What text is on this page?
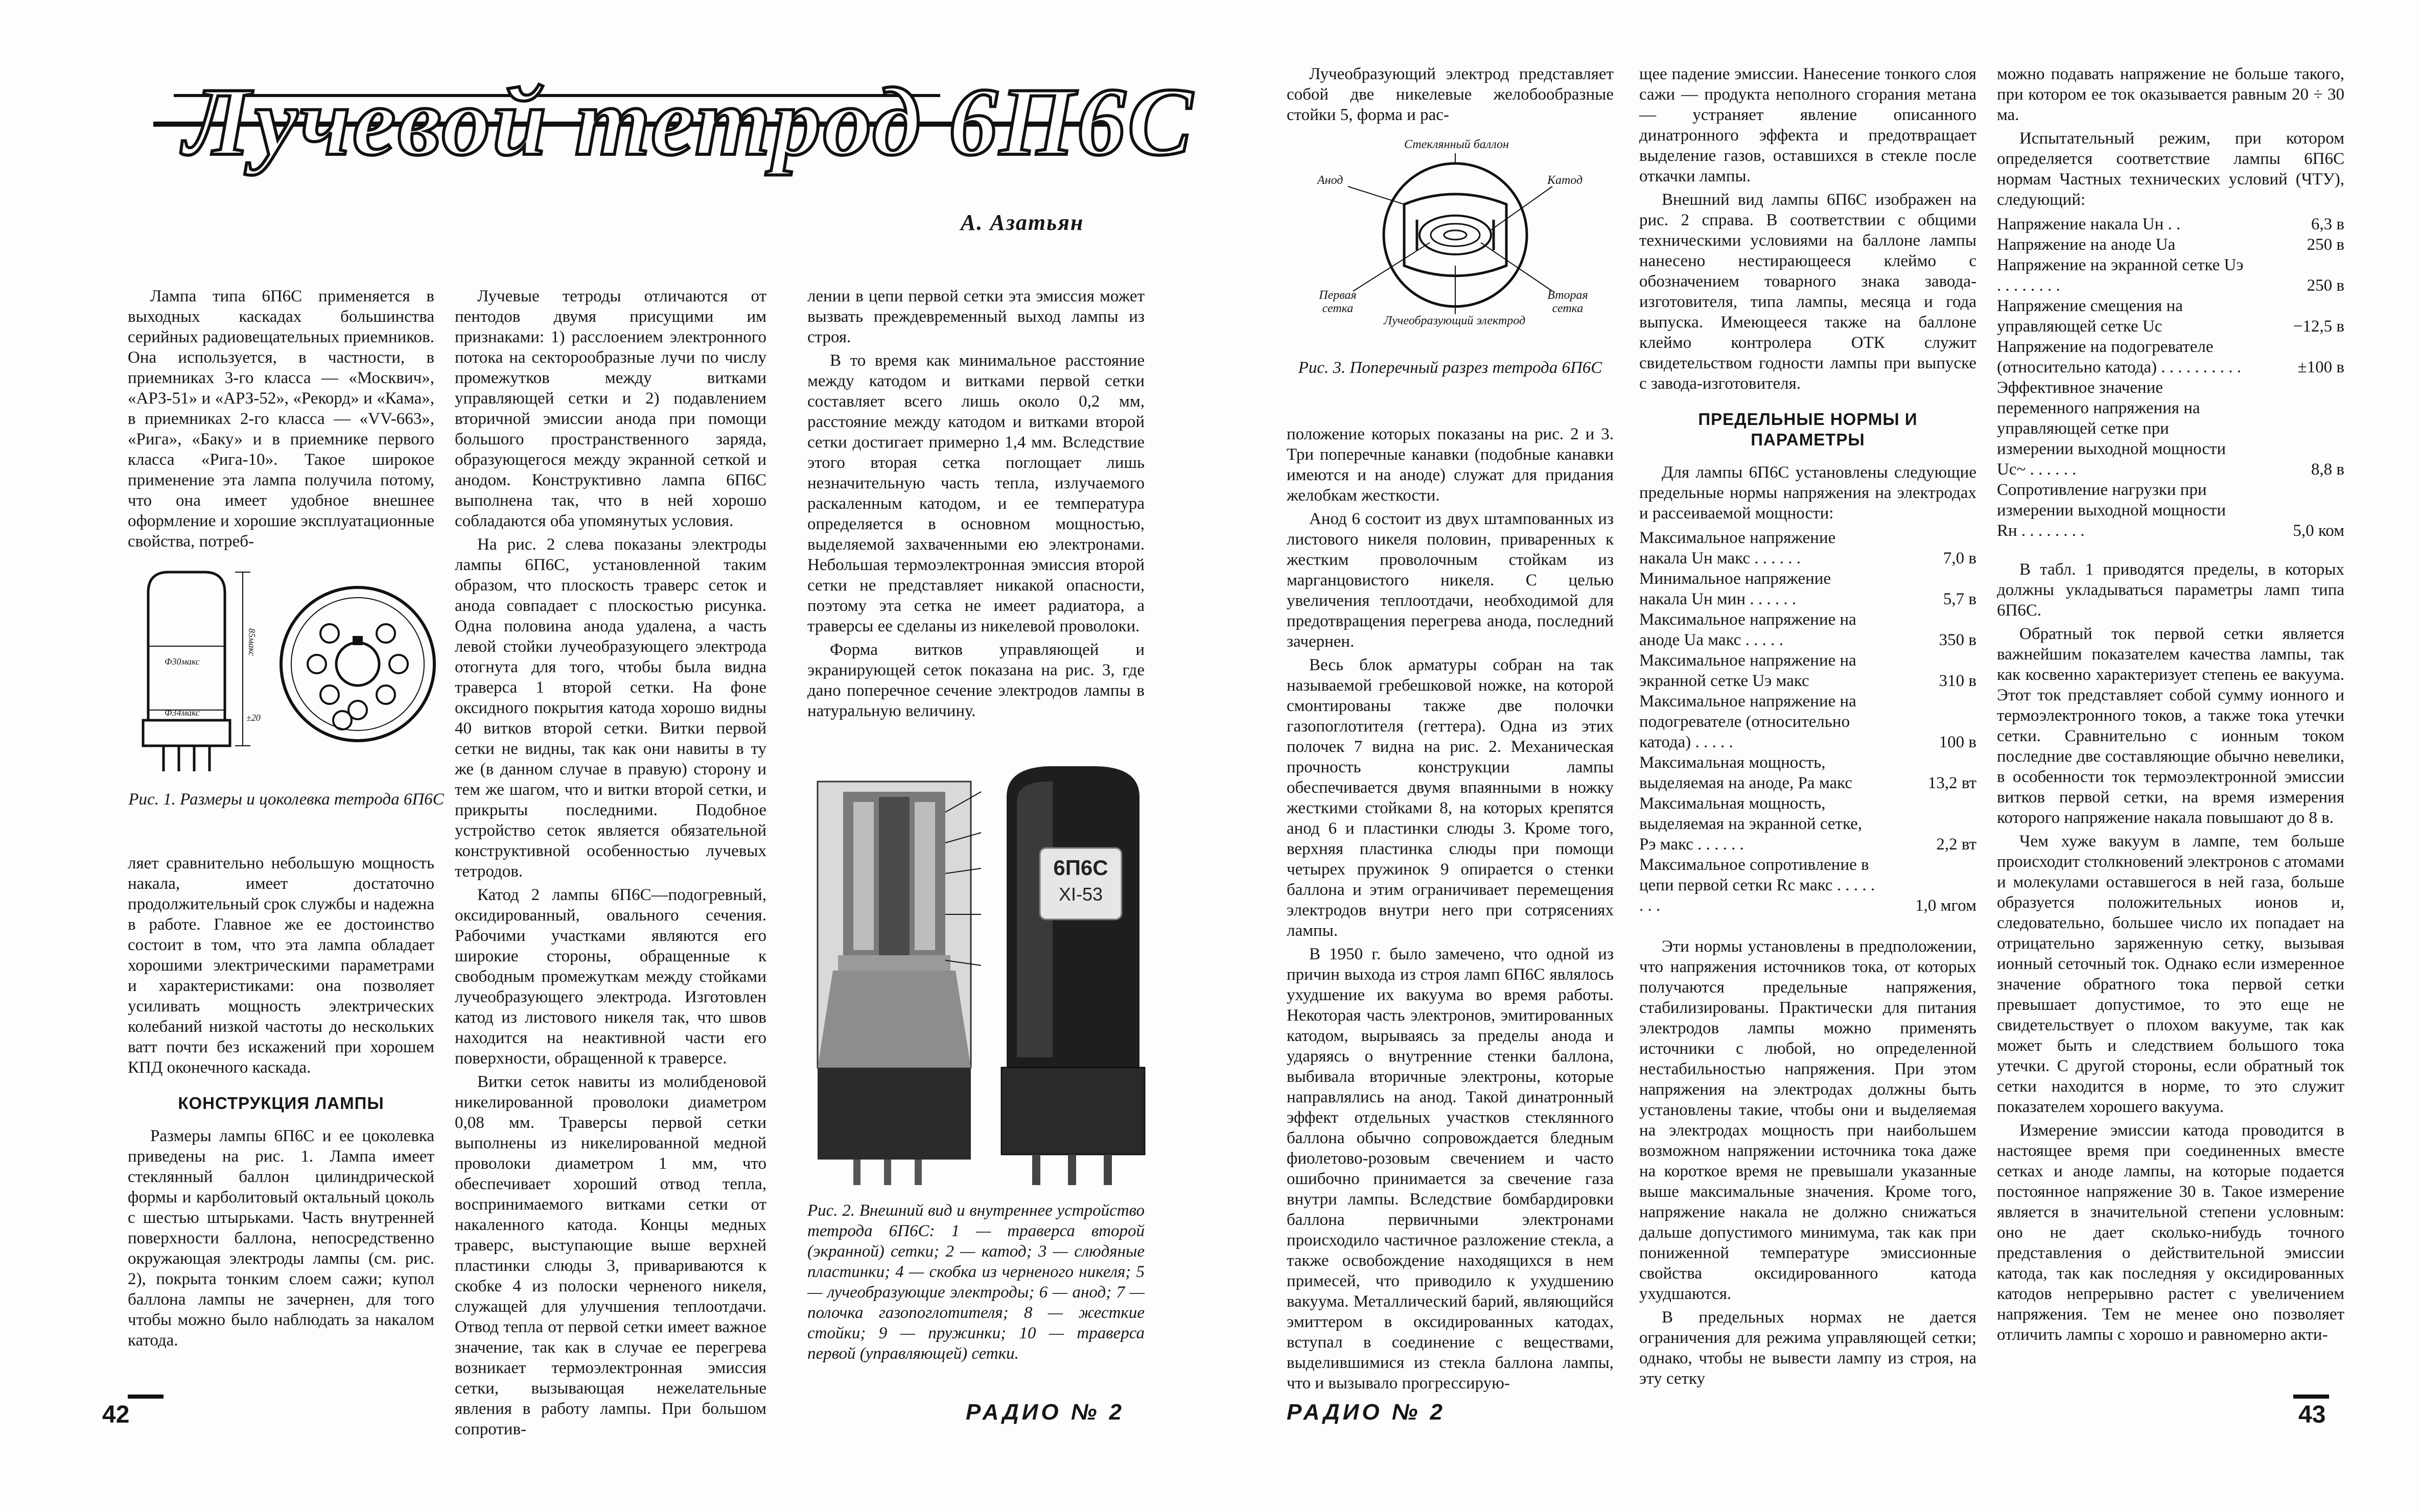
Лучевой тетрод 6П6С
А. Азатьян

Лампа типа 6П6С применяется в выходных каскадах большинства серийных радиовещательных приемников. Она используется, в частности, в приемниках 3-го класса — «Москвич», «АРЗ-51» и «АРЗ-52», «Рекорд» и «Кама», в приемниках 2-го класса — «VV-663», «Рига», «Баку» и в приемнике первого класса «Рига-10». Такое широкое применение эта лампа получила потому, что она имеет удобное внешнее оформление и хорошие эксплуатационные свойства, потреб-

Ф30макс
Ф34макс
85макс
±20
Рис. 1. Размеры и цоколевка тетрода 6П6С

ляет сравнительно небольшую мощность накала, имеет достаточно продолжительный срок службы и надежна в работе. Главное же ее достоинство состоит в том, что эта лампа обладает хорошими электрическими параметрами и характеристиками: она позволяет усиливать мощность электрических колебаний низкой частоты до нескольких ватт почти без искажений при хорошем КПД оконечного каскада.

КОНСТРУКЦИЯ ЛАМПЫ

Размеры лампы 6П6С и ее цоколевка приведены на рис. 1. Лампа имеет стеклянный баллон цилиндрической формы и карболитовый октальный цоколь с шестью штырьками. Часть внутренней поверхности баллона, непосредственно окружающая электроды лампы (см. рис. 2), покрыта тонким слоем сажи; купол баллона лампы не зачернен, для того чтобы можно было наблюдать за накалом катода.

Лучевые тетроды отличаются от пентодов двумя присущими им признаками: 1) расслоением электронного потока на секторообразные лучи по числу промежутков между витками управляющей сетки и 2) подавлением вторичной эмиссии анода при помощи большого пространственного заряда, образующегося между экранной сеткой и анодом. Конструктивно лампа 6П6С выполнена так, что в ней хорошо собладаются оба упомянутых условия.

На рис. 2 слева показаны электроды лампы 6П6С, установленной таким образом, что плоскость траверс сеток и анода совпадает с плоскостью рисунка. Одна половина анода удалена, а часть левой стойки лучеобразующего электрода отогнута для того, чтобы была видна траверса 1 второй сетки. На фоне оксидного покрытия катода хорошо видны 40 витков второй сетки. Витки первой сетки не видны, так как они навиты в ту же (в данном случае в правую) сторону и тем же шагом, что и витки второй сетки, и прикрыты последними. Подобное устройство сеток является обязательной конструктивной особенностью лучевых тетродов.

Катод 2 лампы 6П6С—подогревный, оксидированный, овального сечения. Рабочими участками являются его широкие стороны, обращенные к свободным промежуткам между стойками лучеобразующего электрода. Изготовлен катод из листового никеля так, что швов находится на неактивной части его поверхности, обращенной к траверсе.

Витки сеток навиты из молибденовой никелированной проволоки диаметром 0,08 мм. Траверсы первой сетки выполнены из никелированной медной проволоки диаметром 1 мм, что обеспечивает хороший отвод тепла, воспринимаемого витками сетки от накаленного катода. Концы медных траверс, выступающие выше верхней пластинки слюды 3, привариваются к скобке 4 из полоски черненого никеля, служащей для улучшения теплоотдачи. Отвод тепла от первой сетки имеет важное значение, так как в случае ее перегрева возникает термоэлектронная эмиссия сетки, вызывающая нежелательные явления в работу лампы. При большом сопротив-

лении в цепи первой сетки эта эмиссия может вызвать преждевременный выход лампы из строя.

В то время как минимальное расстояние между катодом и витками первой сетки составляет всего лишь около 0,2 мм, расстояние между катодом и витками второй сетки достигает примерно 1,4 мм. Вследствие этого вторая сетка поглощает лишь незначительную часть тепла, излучаемого раскаленным катодом, и ее температура определяется в основном мощностью, выделяемой захваченными ею электронами. Небольшая термоэлектронная эмиссия второй сетки не представляет никакой опасности, поэтому эта сетка не имеет радиатора, а траверсы ее сделаны из никелевой проволоки.

Форма витков управляющей и экранирующей сеток показана на рис. 3, где дано поперечное сечение электродов лампы в натуральную величину.

6П6С
XI-53
Рис. 2. Внешний вид и внутреннее устройство тетрода 6П6С: 1 — траверса второй (экранной) сетки; 2 — катод; 3 — слюдяные пластинки; 4 — скобка из черненого никеля; 5 — лучеобразующие электроды; 6 — анод; 7 — полочка газопоглотителя; 8 — жесткие стойки; 9 — пружинки; 10 — траверса первой (управляющей) сетки.
42	РАДИО № 2

Лучеобразующий электрод представляет собой две никелевые желобообразные стойки 5, форма и рас-

Стеклянный баллон
Анод	Катод
Первая сетка
Вторая сетка
Лучеобразующий электрод
Рис. 3. Поперечный разрез тетрода 6П6С

положение которых показаны на рис. 2 и 3. Три поперечные канавки (подобные канавки имеются и на аноде) служат для придания желобкам жесткости.

Анод 6 состоит из двух штампованных из листового никеля половин, приваренных к жестким проволочным стойкам из марганцовистого никеля. С целью увеличения теплоотдачи, необходимой для предотвращения перегрева анода, последний зачернен.

Весь блок арматуры собран на так называемой гребешковой ножке, на которой смонтированы также две полочки газопоглотителя (геттера). Одна из этих полочек 7 видна на рис. 2. Механическая прочность конструкции лампы обеспечивается двумя впаянными в ножку жесткими стойками 8, на которых крепятся анод 6 и пластинки слюды 3. Кроме того, верхняя пластинка слюды при помощи четырех пружинок 9 опирается о стенки баллона и этим ограничивает перемещения электродов внутри него при сотрясениях лампы.

В 1950 г. было замечено, что одной из причин выхода из строя ламп 6П6С являлось ухудшение их вакуума во время работы. Некоторая часть электронов, эмитированных катодом, вырываясь за пределы анода и ударяясь о внутренние стенки баллона, выбивала вторичные электроны, которые направлялись на анод. Такой динатронный эффект отдельных участков стеклянного баллона обычно сопровождается бледным фиолетово-розовым свечением и часто ошибочно принимается за свечение газа внутри лампы. Вследствие бомбардировки баллона первичными электронами происходило частичное разложение стекла, а также освобождение находящихся в нем примесей, что приводило к ухудшению вакуума. Металлический барий, являющийся эмиттером в оксидированных катодах, вступал в соединение с веществами, выделившимися из стекла баллона лампы, что и вызывало прогрессирую-

щее падение эмиссии. Нанесение тонкого слоя сажи — продукта неполного сгорания метана — устраняет явление описанного динатронного эффекта и предотвращает выделение газов, оставшихся в стекле после откачки лампы.

Внешний вид лампы 6П6С изображен на рис. 2 справа. В соответствии с общими техническими условиями на баллоне лампы нанесено нестирающееся клеймо с обозначением товарного знака завода-изготовителя, типа лампы, месяца и года выпуска. Имеющееся также на баллоне клеймо контролера ОТК служит свидетельством годности лампы при выпуске с завода-изготовителя.

ПРЕДЕЛЬНЫЕ НОРМЫ И ПАРАМЕТРЫ

Для лампы 6П6С установлены следующие предельные нормы напряжения на электродах и рассеиваемой мощности:

Максимальное напряжение накала Uн макс . . . . . .	7,0 в
Минимальное напряжение накала Uн мин . . . . . .	5,7 в
Максимальное напряжение на аноде Uа макс . . . . .	350 в
Максимальное напряжение на экранной сетке Uэ макс	310 в
Максимальное напряжение на подогревателе (относительно катода) . . . . .	100 в
Максимальная мощность, выделяемая на аноде, Pа макс	13,2 вт
Максимальная мощность, выделяемая на экранной сетке, Pэ макс . . . . . .	2,2 вт
Максимальное сопротивление в цепи первой сетки Rс макс . . . . . . . .	1,0 мгом

Эти нормы установлены в предположении, что напряжения источников тока, от которых получаются предельные напряжения, стабилизированы. Практически для питания электродов лампы можно применять источники с любой, но определенной нестабильностью напряжения. При этом напряжения на электродах должны быть установлены такие, чтобы они и выделяемая на электродах мощность при наибольшем возможном напряжении источника тока даже на короткое время не превышали указанные выше максимальные значения. Кроме того, напряжение накала не должно снижаться дальше допустимого минимума, так как при пониженной температуре эмиссионные свойства оксидированного катода ухудшаются.

В предельных нормах не дается ограничения для режима управляющей сетки; однако, чтобы не вывести лампу из строя, на эту сетку

можно подавать напряжение не больше такого, при котором ее ток оказывается равным 20 ÷ 30 ма.

Испытательный режим, при котором определяется соответствие лампы 6П6С нормам Частных технических условий (ЧТУ), следующий:

Напряжение накала Uн . .	6,3 в
Напряжение на аноде Uа	250 в
Напряжение на экранной сетке Uэ . . . . . . . .	250 в
Напряжение смещения на управляющей сетке Uс	−12,5 в
Напряжение на подогревателе (относительно катода) . . . . . . . . . .	±100 в
Эффективное значение переменного напряжения на управляющей сетке при измерении выходной мощности Uс~ . . . . . .	8,8 в
Сопротивление нагрузки при измерении выходной мощности Rн . . . . . . . .	5,0 ком

В табл. 1 приводятся пределы, в которых должны укладываться параметры ламп типа 6П6С.

Обратный ток первой сетки является важнейшим показателем качества лампы, так как косвенно характеризует степень ее вакуума. Этот ток представляет собой сумму ионного и термоэлектронного токов, а также тока утечки сетки. Сравнительно с ионным током последние две составляющие обычно невелики, в особенности ток термоэлектронной эмиссии витков первой сетки, на время измерения которого напряжение накала повышают до 8 в.

Чем хуже вакуум в лампе, тем больше происходит столкновений электронов с атомами и молекулами оставшегося в ней газа, больше образуется положительных ионов и, следовательно, большее число их попадает на отрицательно заряженную сетку, вызывая ионный сеточный ток. Однако если измеренное значение обратного тока первой сетки превышает допустимое, то это еще не свидетельствует о плохом вакууме, так как может быть и следствием большого тока утечки. С другой стороны, если обратный ток сетки находится в норме, то это служит показателем хорошего вакуума.

Измерение эмиссии катода проводится в настоящее время при соединенных вместе сетках и аноде лампы, на которые подается постоянное напряжение 30 в. Такое измерение является в значительной степени условным: оно не дает сколько-нибудь точного представления о действительной эмиссии катода, так как последняя у оксидированных катодов непрерывно растет с увеличением напряжения. Тем не менее оно позволяет отличить лампы с хорошо и равномерно акти-

РАДИО № 2	43
